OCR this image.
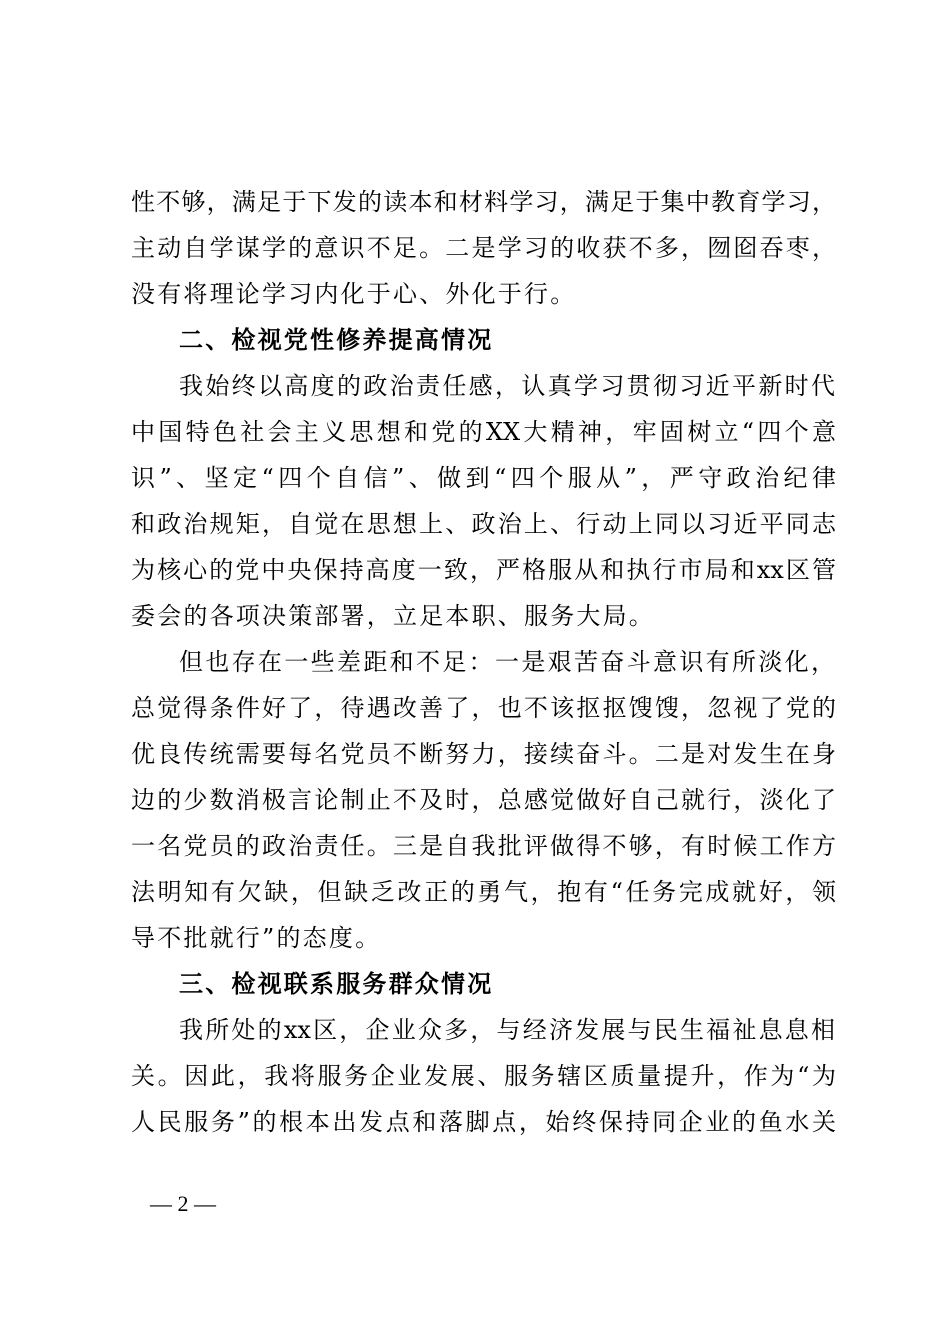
性不够，满足于下发的读本和材料学习，满足于集中教育学习，
主动自学谋学的意识不足。二是学习的收获不多，囫囵吞枣，
没有将理论学习内化于心、外化于行。
二、检视党性修养提高情况
我始终以高度的政治责任感，认真学习贯彻习近平新时代
中国特色社会主义思想和党的XX大精神，牢固树立“四个意
识”、坚定“四个自信”、做到“四个服从”，严守政治纪律
和政治规矩，自觉在思想上、政治上、行动上同以习近平同志
为核心的党中央保持高度一致，严格服从和执行市局和xx区管
委会的各项决策部署，立足本职、服务大局。
但也存在一些差距和不足：一是艰苦奋斗意识有所淡化，
总觉得条件好了，待遇改善了，也不该抠抠馊馊，忽视了党的
优良传统需要每名党员不断努力，接续奋斗。二是对发生在身
边的少数消极言论制止不及时，总感觉做好自己就行，淡化了
一名党员的政治责任。三是自我批评做得不够，有时候工作方
法明知有欠缺，但缺乏改正的勇气，抱有“任务完成就好，领
导不批就行”的态度。
三、检视联系服务群众情况
我所处的xx区，企业众多，与经济发展与民生福祉息息相
关。因此，我将服务企业发展、服务辖区质量提升，作为“为
人民服务”的根本出发点和落脚点，始终保持同企业的鱼水关
— 2 —
